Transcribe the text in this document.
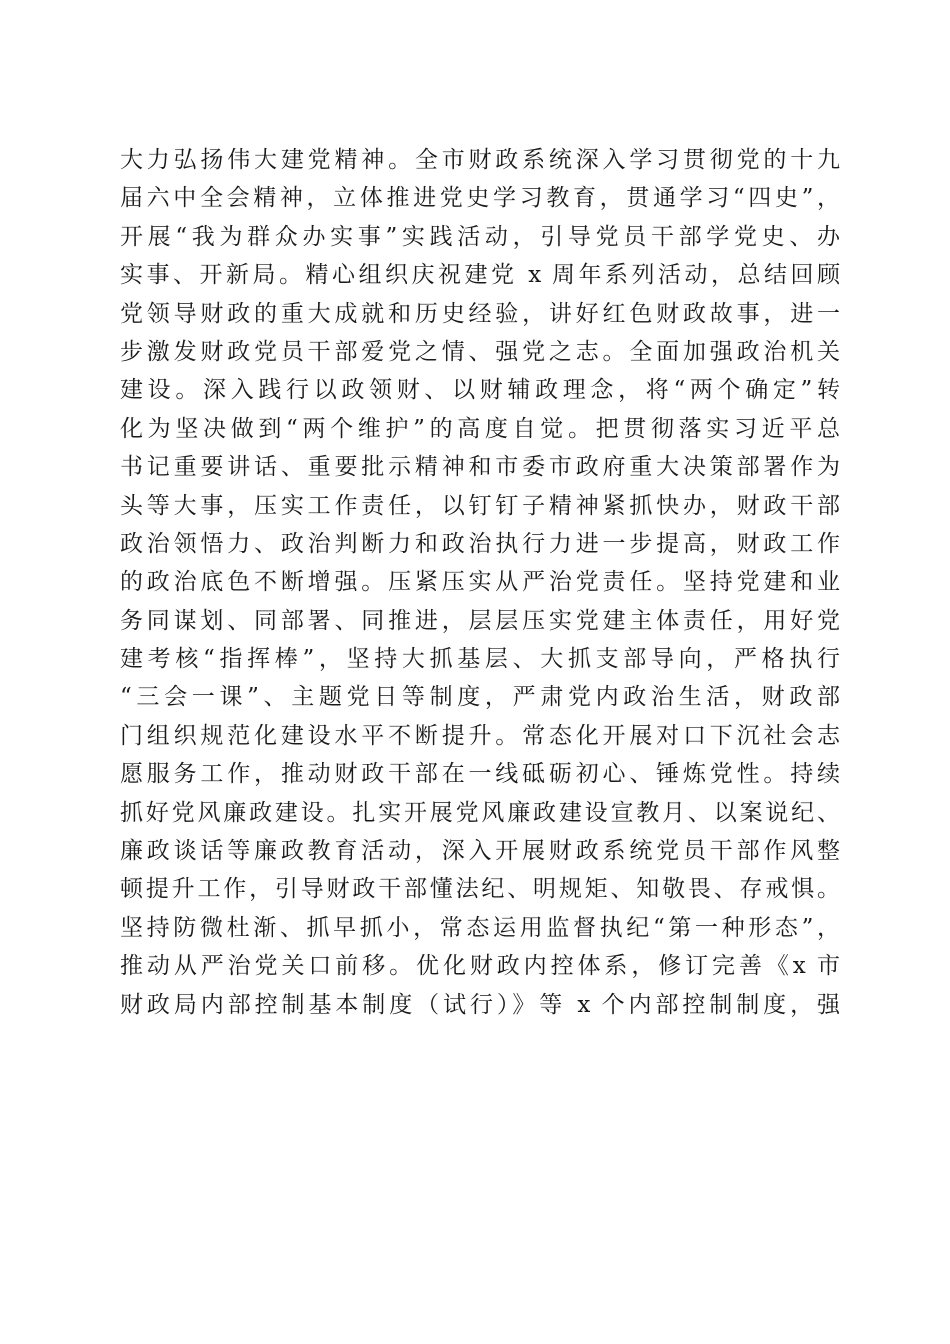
大力弘扬伟大建党精神。全市财政系统深入学习贯彻党的十九
届六中全会精神，立体推进党史学习教育，贯通学习“四史”，
开展“我为群众办实事”实践活动，引导党员干部学党史、办
实事、开新局。精心组织庆祝建党 x 周年系列活动，总结回顾
党领导财政的重大成就和历史经验，讲好红色财政故事，进一
步激发财政党员干部爱党之情、强党之志。全面加强政治机关
建设。深入践行以政领财、以财辅政理念，将“两个确定”转
化为坚决做到“两个维护”的高度自觉。把贯彻落实习近平总
书记重要讲话、重要批示精神和市委市政府重大决策部署作为
头等大事，压实工作责任，以钉钉子精神紧抓快办，财政干部
政治领悟力、政治判断力和政治执行力进一步提高，财政工作
的政治底色不断增强。压紧压实从严治党责任。坚持党建和业
务同谋划、同部署、同推进，层层压实党建主体责任，用好党
建考核“指挥棒”，坚持大抓基层、大抓支部导向，严格执行
“三会一课”、主题党日等制度，严肃党内政治生活，财政部
门组织规范化建设水平不断提升。常态化开展对口下沉社会志
愿服务工作，推动财政干部在一线砥砺初心、锤炼党性。持续
抓好党风廉政建设。扎实开展党风廉政建设宣教月、以案说纪、
廉政谈话等廉政教育活动，深入开展财政系统党员干部作风整
顿提升工作，引导财政干部懂法纪、明规矩、知敬畏、存戒惧。
坚持防微杜渐、抓早抓小，常态运用监督执纪“第一种形态”，
推动从严治党关口前移。优化财政内控体系，修订完善《x 市
财政局内部控制基本制度（试行）》等 x 个内部控制制度，强
